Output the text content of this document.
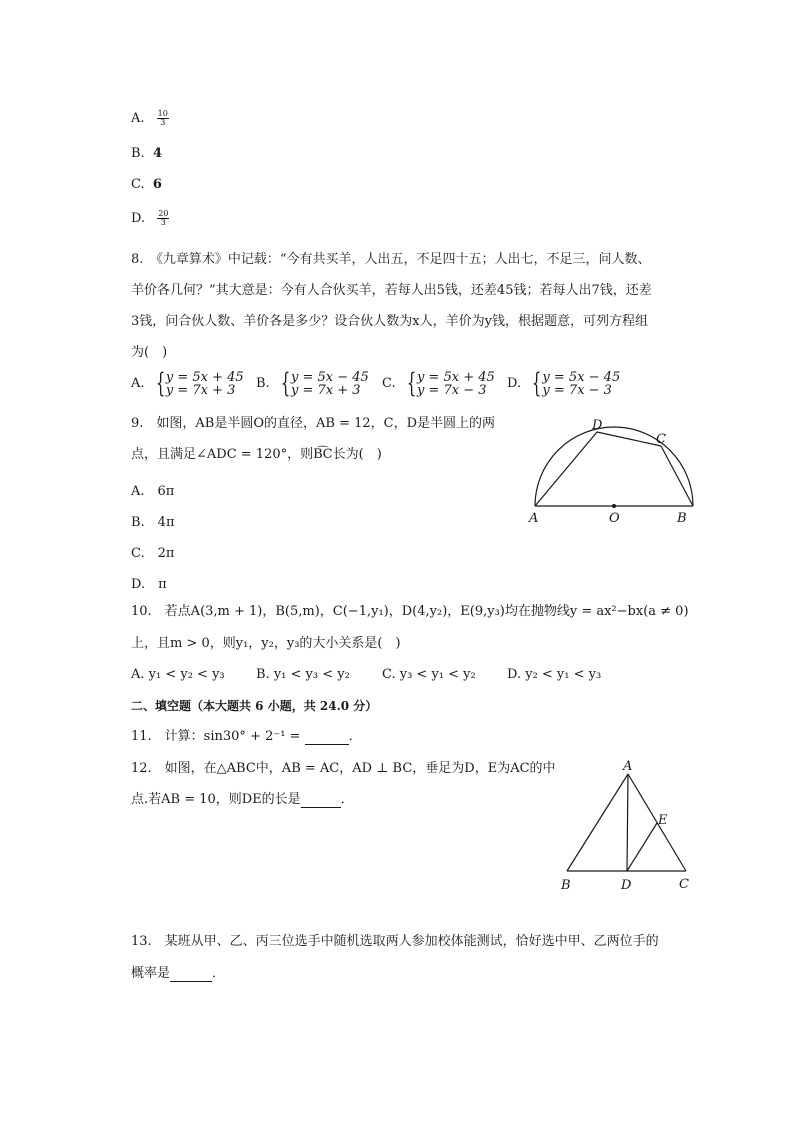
A. $\frac{10}{3}$
B. 4
C. 6
D. $\frac{20}{3}$
8.　《九章算术》中记载：“今有共买羊，人出五，不足四十五；人出七，不足三，问人数、
羊价各几何？”其大意是：今有人合伙买羊，若每人出5钱，还差45钱；若每人出7钱，还差
3钱，问合伙人数、羊价各是多少？设合伙人数为x人，羊价为y钱，根据题意，可列方程组
为(　)
A. { y = 5x + 45
y = 7x + 3	B. { y = 5x − 45
y = 7x + 3	C. { y = 5x + 45
y = 7x − 3	D. { y = 5x − 45
y = 7x − 3
9.　如图，AB是半圆O的直径，AB = 12，C，D是半圆上的两
点，且满足∠ADC = 120°，则B͡C长为(　)
A.　6π
B.　4π
C.　2π
D.　π
A	O	B
C
D
10.　若点A(3,m + 1)，B(5,m)，C(−1,y₁)，D(4,y₂)，E(9,y₃)均在抛物线y = ax²−bx(a ≠ 0)
上，且m > 0，则y₁，y₂，y₃的大小关系是(　)
A. y₁ < y₂ < y₃ B. y₁ < y₃ < y₂ C. y₃ < y₁ < y₂ D. y₂ < y₁ < y₃
二、填空题（本大题共 6 小题，共 24.0 分）
11.　计算：sin30° + 2⁻¹ =	．
12.　如图，在△ABC中，AB = AC，AD ⊥ BC，垂足为D，E为AC的中
点.若AB = 10，则DE的长是	．
A
B	C
D
E
13.　某班从甲、乙、丙三位选手中随机选取两人参加校体能测试，恰好选中甲、乙两位手的
概率是	．
